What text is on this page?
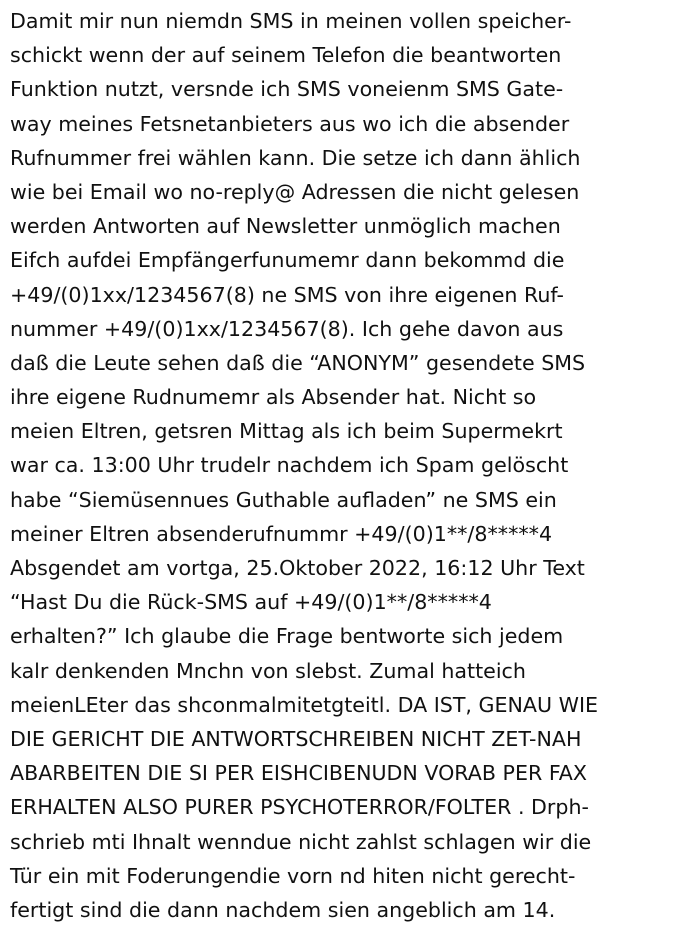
Damit mir nun niemdn SMS in meinen vollen speicher-
schickt wenn der auf seinem Telefon die beantworten
Funktion nutzt, versnde ich SMS voneienm SMS Gate-
way meines Fetsnetanbieters aus wo ich die absender
Rufnummer frei wählen kann. Die setze ich dann ählich
wie bei Email wo no-reply@ Adressen die nicht gelesen
werden Antworten auf Newsletter unmöglich machen
Eifch aufdei Empfängerfunumemr dann bekommd die
+49/(0)1xx/1234567(8) ne SMS von ihre eigenen Ruf-
nummer +49/(0)1xx/1234567(8). Ich gehe davon aus
daß die Leute sehen daß die “ANONYM” gesendete SMS
ihre eigene Rudnumemr als Absender hat. Nicht so
meien Eltren, getsren Mittag als ich beim Supermekrt
war ca. 13:00 Uhr trudelr nachdem ich Spam gelöscht
habe “Siemüsennues Guthable aufladen” ne SMS ein
meiner Eltren absenderufnummr +49/(0)1**/8*****4
Absgendet am vortga, 25.Oktober 2022, 16:12 Uhr Text
“Hast Du die Rück-SMS auf +49/(0)1**/8*****4
erhalten?” Ich glaube die Frage bentworte sich jedem
kalr denkenden Mnchn von slebst. Zumal hatteich
meienLEter das shconmalmitetgteitl. DA IST, GENAU WIE
DIE GERICHT DIE ANTWORTSCHREIBEN NICHT ZET-NAH
ABARBEITEN DIE SI PER EISHCIBENUDN VORAB PER FAX
ERHALTEN ALSO PURER PSYCHOTERROR/FOLTER . Drph-
schrieb mti Ihnalt wenndue nicht zahlst schlagen wir die
Tür ein mit Foderungendie vorn nd hiten nicht gerecht-
fertigt sind die dann nachdem sien angeblich am 14.
